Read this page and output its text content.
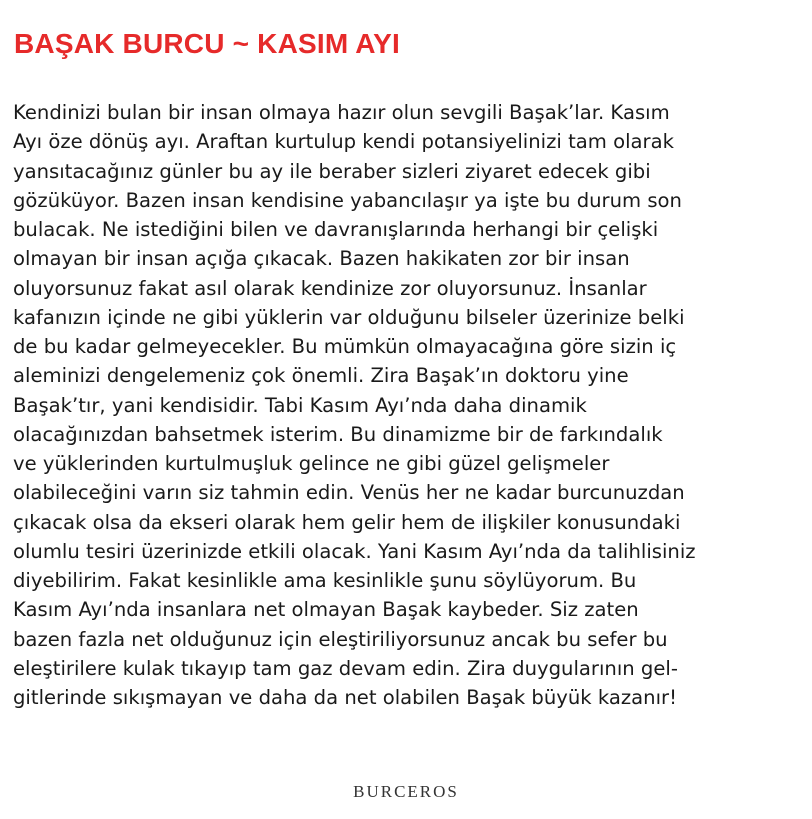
BAŞAK BURCU ~ KASIM AYI

Kendinizi bulan bir insan olmaya hazır olun sevgili Başak’lar. Kasım
Ayı öze dönüş ayı. Araftan kurtulup kendi potansiyelinizi tam olarak
yansıtacağınız günler bu ay ile beraber sizleri ziyaret edecek gibi
gözüküyor. Bazen insan kendisine yabancılaşır ya işte bu durum son
bulacak. Ne istediğini bilen ve davranışlarında herhangi bir çelişki
olmayan bir insan açığa çıkacak. Bazen hakikaten zor bir insan
oluyorsunuz fakat asıl olarak kendinize zor oluyorsunuz. İnsanlar
kafanızın içinde ne gibi yüklerin var olduğunu bilseler üzerinize belki
de bu kadar gelmeyecekler. Bu mümkün olmayacağına göre sizin iç
aleminizi dengelemeniz çok önemli. Zira Başak’ın doktoru yine
Başak’tır, yani kendisidir. Tabi Kasım Ayı’nda daha dinamik
olacağınızdan bahsetmek isterim. Bu dinamizme bir de farkındalık
ve yüklerinden kurtulmuşluk gelince ne gibi güzel gelişmeler
olabileceğini varın siz tahmin edin. Venüs her ne kadar burcunuzdan
çıkacak olsa da ekseri olarak hem gelir hem de ilişkiler konusundaki
olumlu tesiri üzerinizde etkili olacak. Yani Kasım Ayı’nda da talihlisiniz
diyebilirim. Fakat kesinlikle ama kesinlikle şunu söylüyorum. Bu
Kasım Ayı’nda insanlara net olmayan Başak kaybeder. Siz zaten
bazen fazla net olduğunuz için eleştiriliyorsunuz ancak bu sefer bu
eleştirilere kulak tıkayıp tam gaz devam edin. Zira duygularının gel-
gitlerinde sıkışmayan ve daha da net olabilen Başak büyük kazanır!

BURCEROS
